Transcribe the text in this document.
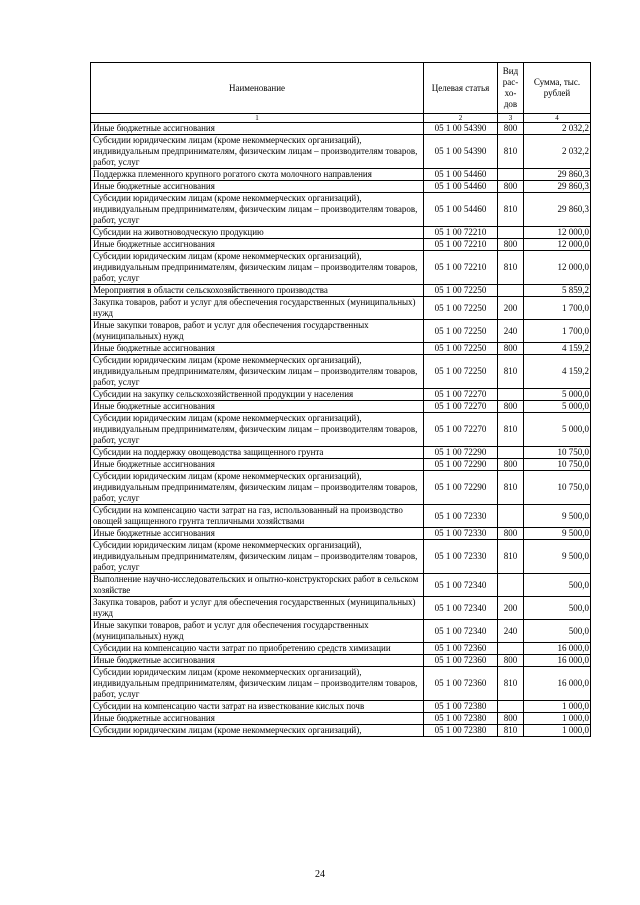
Наименование	Целевая статья	Вид рас-хо-дов	Сумма, тыс. рублей
1	2	3	4
Иные бюджетные ассигнования	05 1 00 54390	800	2 032,2
Субсидии юридическим лицам (кроме некоммерческих организаций), индивидуальным предпринимателям, физическим лицам – производителям товаров, работ, услуг	05 1 00 54390	810	2 032,2
Поддержка племенного крупного рогатого скота молочного направления	05 1 00 54460		29 860,3
Иные бюджетные ассигнования	05 1 00 54460	800	29 860,3
Субсидии юридическим лицам (кроме некоммерческих организаций), индивидуальным предпринимателям, физическим лицам – производителям товаров, работ, услуг	05 1 00 54460	810	29 860,3
Субсидии на животноводческую продукцию	05 1 00 72210		12 000,0
Иные бюджетные ассигнования	05 1 00 72210	800	12 000,0
Субсидии юридическим лицам (кроме некоммерческих организаций), индивидуальным предпринимателям, физическим лицам – производителям товаров, работ, услуг	05 1 00 72210	810	12 000,0
Мероприятия в области сельскохозяйственного производства	05 1 00 72250		5 859,2
Закупка товаров, работ и услуг для обеспечения государственных (муниципальных) нужд	05 1 00 72250	200	1 700,0
Иные закупки товаров, работ и услуг для обеспечения государственных (муниципальных) нужд	05 1 00 72250	240	1 700,0
Иные бюджетные ассигнования	05 1 00 72250	800	4 159,2
Субсидии юридическим лицам (кроме некоммерческих организаций), индивидуальным предпринимателям, физическим лицам – производителям товаров, работ, услуг	05 1 00 72250	810	4 159,2
Субсидии на закупку сельскохозяйственной продукции у населения	05 1 00 72270		5 000,0
Иные бюджетные ассигнования	05 1 00 72270	800	5 000,0
Субсидии юридическим лицам (кроме некоммерческих организаций), индивидуальным предпринимателям, физическим лицам – производителям товаров, работ, услуг	05 1 00 72270	810	5 000,0
Субсидии на поддержку овощеводства защищенного грунта	05 1 00 72290		10 750,0
Иные бюджетные ассигнования	05 1 00 72290	800	10 750,0
Субсидии юридическим лицам (кроме некоммерческих организаций), индивидуальным предпринимателям, физическим лицам – производителям товаров, работ, услуг	05 1 00 72290	810	10 750,0
Субсидии на компенсацию части затрат на газ, использованный на производство овощей защищенного грунта тепличными хозяйствами	05 1 00 72330		9 500,0
Иные бюджетные ассигнования	05 1 00 72330	800	9 500,0
Субсидии юридическим лицам (кроме некоммерческих организаций), индивидуальным предпринимателям, физическим лицам – производителям товаров, работ, услуг	05 1 00 72330	810	9 500,0
Выполнение научно-исследовательских и опытно-конструкторских работ в сельском хозяйстве	05 1 00 72340		500,0
Закупка товаров, работ и услуг для обеспечения государственных (муниципальных) нужд	05 1 00 72340	200	500,0
Иные закупки товаров, работ и услуг для обеспечения государственных (муниципальных) нужд	05 1 00 72340	240	500,0
Субсидии на компенсацию части затрат по приобретению средств химизации	05 1 00 72360		16 000,0
Иные бюджетные ассигнования	05 1 00 72360	800	16 000,0
Субсидии юридическим лицам (кроме некоммерческих организаций), индивидуальным предпринимателям, физическим лицам – производителям товаров, работ, услуг	05 1 00 72360	810	16 000,0
Субсидии на компенсацию части затрат на известкование кислых почв	05 1 00 72380		1 000,0
Иные бюджетные ассигнования	05 1 00 72380	800	1 000,0
Субсидии юридическим лицам (кроме некоммерческих организаций),	05 1 00 72380	810	1 000,0
24
